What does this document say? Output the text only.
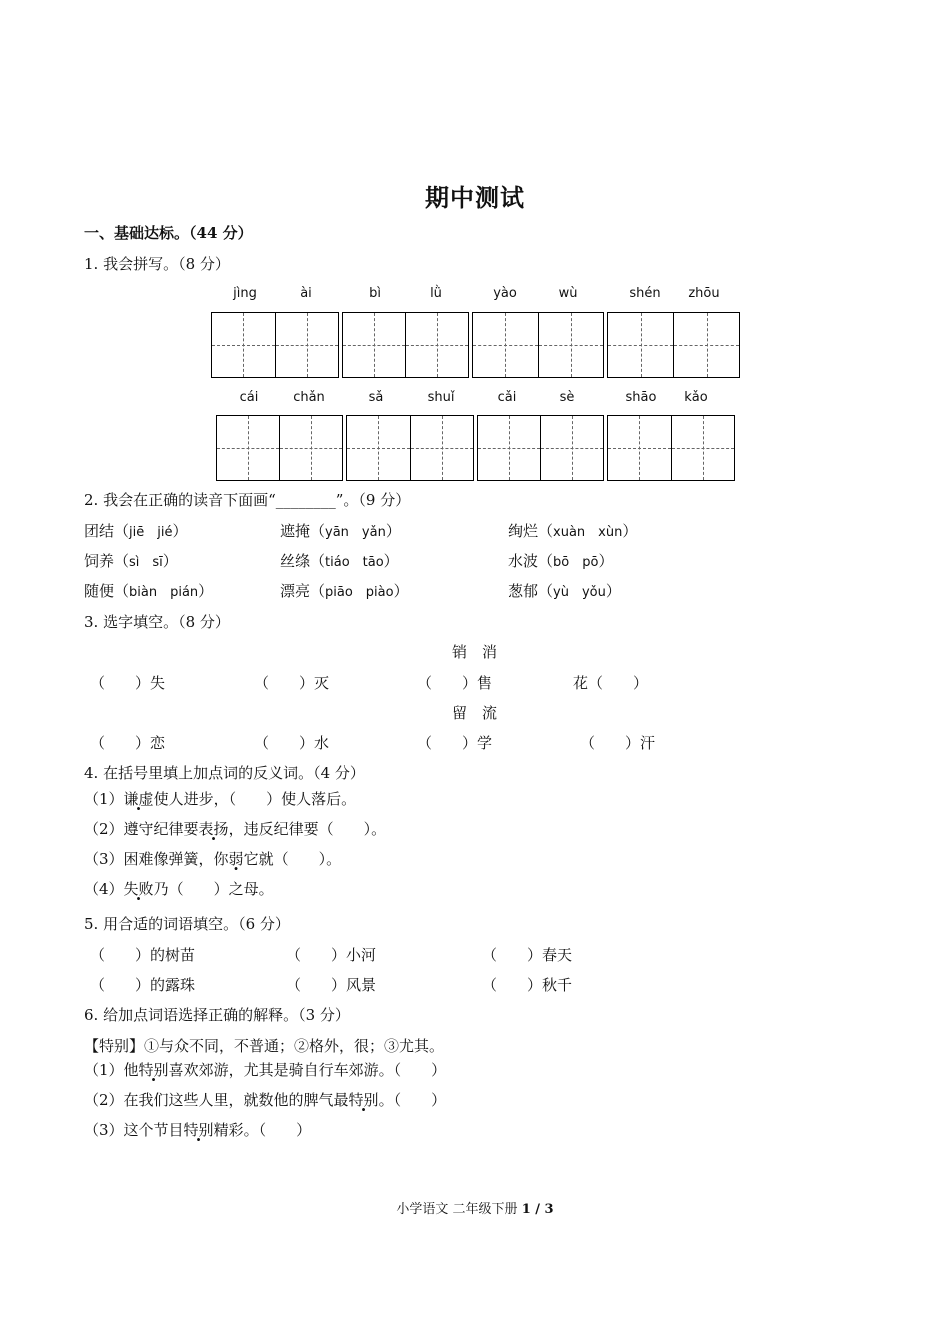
期中测试
一、基础达标。（44 分）
1. 我会拼写。（8 分）
jìng	ài	bì	lǜ	yào	wù	shén	zhōu
cái	chǎn	sǎ	shuǐ	cǎi	sè	shāo	kǎo
2. 我会在正确的读音下面画“________”。（9 分）
团结（jiē　jié）	遮掩（yān　yǎn）	绚烂（xuàn　xùn）
饲养（sì　sī）	丝绦（tiáo　tāo）	水波（bō　pō）
随便（biàn　pián）	漂亮（piāo　piào）	葱郁（yù　yǒu）
3. 选字填空。（8 分）
销　消
（　　）失	（　　）灭	（　　）售	花（　　）
留　流
（　　）恋	（　　）水	（　　）学	（　　）汗
4. 在括号里填上加点词的反义词。（4 分）
（1）谦虚使人进步，（　　）使人落后。
（2）遵守纪律要表扬，违反纪律要（　　）。
（3）困难像弹簧，你弱它就（　　）。
（4）失败乃（　　）之母。
5. 用合适的词语填空。（6 分）
（　　）的树苗	（　　）小河	（　　）春天
（　　）的露珠	（　　）风景	（　　）秋千
6. 给加点词语选择正确的解释。（3 分）
【特别】①与众不同，不普通；②格外，很；③尤其。
（1）他特别喜欢郊游，尤其是骑自行车郊游。（　　）
（2）在我们这些人里，就数他的脾气最特别。（　　）
（3）这个节目特别精彩。（　　）
小学语文 二年级下册 1 / 3
